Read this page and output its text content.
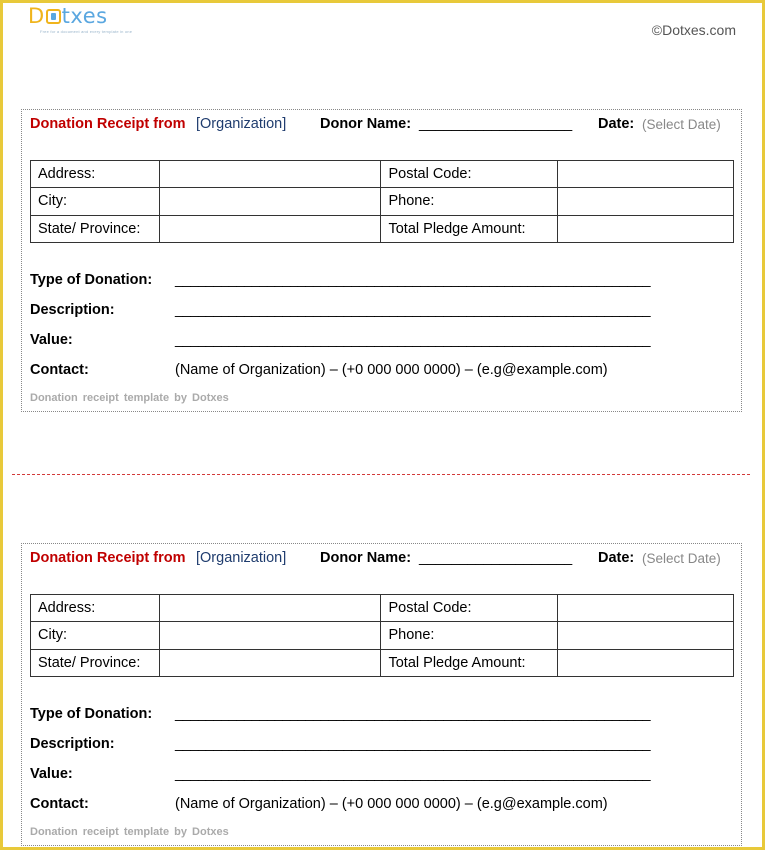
D txes
Free for a document and every template in one	©Dotxes.com
Donation Receipt from [Organization] Donor Name: ___________________ Date: (Select Date)
Address:		Postal Code:	
City:		Phone:	
State/ Province:		Total Pledge Amount:	
Type of Donation: ______________________________________________________________
Description:	______________________________________________________________
Value:	______________________________________________________________
Contact:	(Name of Organization) – (+0 000 000 0000) – (e.g@example.com)
Donation receipt template by Dotxes
Donation Receipt from [Organization] Donor Name: ___________________ Date: (Select Date)
Address:		Postal Code:	
City:		Phone:	
State/ Province:		Total Pledge Amount:	
Type of Donation: ______________________________________________________________
Description:	______________________________________________________________
Value:	______________________________________________________________
Contact:	(Name of Organization) – (+0 000 000 0000) – (e.g@example.com)
Donation receipt template by Dotxes
